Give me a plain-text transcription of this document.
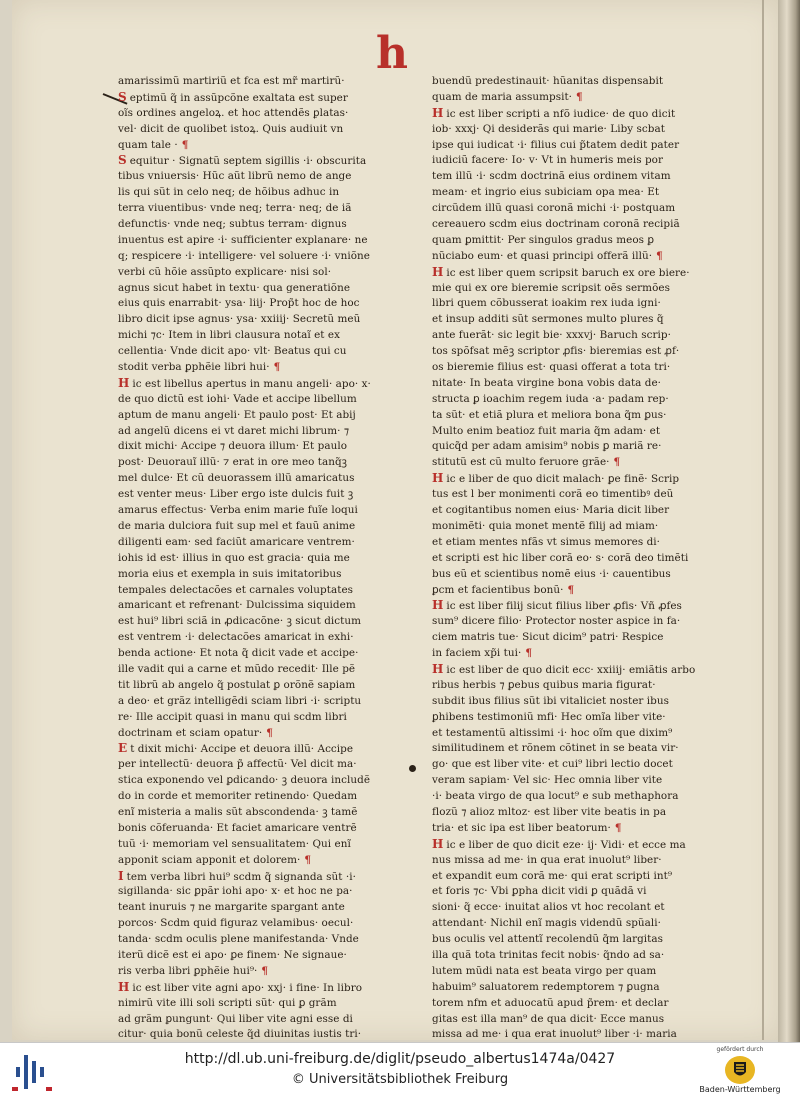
h
amarissimũ martiriũ et fca est mr̃ martirũ·
S eptimũ q̃ in assũpcõne exaltata est super
oĩs ordines angeloꝝ. et hoc attendẽs ꝑlatas·
vel· dicit de quolibet istoꝝ. Quis audiuit vn
quam tale · ¶
S equitur · Signatũ septem sigillis ·i· obscurita
tibus vniuersis· Hũc aũt librũ nemo de ange
lis qui sũt in celo neq; de hõibus adhuc in
terra viuentibus· vnde neq; terra· neq; de iã
defunctis· vnde neq; subtus terram· dignus
inuentus est apire ·i· sufficienter explanare· ne
q; respicere ·i· intelligere· vel soluere ·i· vniõne
verbi cũ hõie assũpto explicare· nisi sol·
agnus sicut habet in textu· qua generatiõne
eius quis enarrabit· ysa· liij· Prop̃t hoc de hoc
libro dicit ipse agnus· ysa· xxiiij· Secretũ meũ
michi ⁊c· Item in libri clausura notaĩ et ex
cellentia· Vnde dicit apo· vlt· Beatus qui cu
stodit verba ꝑphẽie libri hui· ¶
H ic est libellus apertus in manu angeli· apo· x·
de quo dictũ est iohi· Vade et accipe libellum
aptum de manu angeli· Et paulo post· Et abij
ad angelũ dicens ei vt daret michi librum· ⁊
dixit michi· Accipe ⁊ deuora illum· Et paulo
post· Deuorauĩ illũ· ⁊ erat in ore meo tanq̃ꝫ
mel dulce· Et cũ deuorassem illũ amaricatus
est venter meus· Liber ergo iste dulcis fuit ꝫ
amarus effectus· Verba enim marie fuĩe loqui
de maria dulciora fuit sup mel et fauũ anime
diligenti eam· sed faciũt amaricare ventrem·
iohis id est· illius in quo est gracia· quia me
moria eius et exempla in suis imitatoribus
tempales delectacões et carnales voluptates
amaricant et refrenant· Dulcissima siquidem
est hui⁹ libri sciã in ꝓdicacõne· ꝫ sicut dictum
est ventrem ·i· delectacões amaricat in exhi·
benda actione· Et nota q̃ dicit vade et accipe·
ille vadit qui a carne et mũdo recedit· Ille pẽ
tit librũ ab angelo q̃ postulat ꝑ orõnẽ sapiam
a deo· et grãz intelligẽdi sciam libri ·i· scriptu
re· Ille accipit quasi in manu qui scdm libri
doctrinam et sciam opatur· ¶
E t dixit michi· Accipe et deuora illũ· Accipe
per intellectũ· deuora p̃ affectũ· Vel dicit ma·
stica exponendo vel ꝑdicando· ꝫ deuora includẽ
do in corde et memoriter retinendo· Quedam
enĩ misteria a malis sũt abscondenda· ꝫ tamẽ
bonis cõferuanda· Et faciet amaricare ventrẽ
tuũ ·i· memoriam vel sensualitatem· Qui enĩ
apponit sciam apponit et dolorem· ¶
I tem verba libri hui⁹ scdm q̃ signanda sũt ·i·
sigillanda· sic ꝑpãr iohi apo· x· et hoc ne pa·
teant inuruis ⁊ ne margarite spargant ante
porcos· Scdm quid figuraz velamibus· oecul·
tanda· scdm oculis plene manifestanda· Vnde
iterũ dicẽ est ei apo· ꝑe finem· Ne signaue·
ris verba libri ꝑphẽie hui⁹· ¶
H ic est liber vite agni apo· xxj· i fine· In libro
nimirũ vite illi soli scripti sũt· qui ꝑ grãm
ad grãm ꝑungunt· Qui liber vite agni esse di
citur· quia bonũ celeste q̃d diuinitas iustis tri·
buendũ predestinauit· hũanitas dispensabit
quam de maria assumpsit· ¶
H ic est liber scripti a nfõ iudice· de quo dicit
iob· xxxj· Qi desiderãs qui marie· Liby scbat
ipse qui iudicat ·i· filius cui p̃tatem dedit pater
iudiciũ facere· Io· v· Vt in humeris meis por
tem illũ ·i· scdm doctrinã eius ordinem vitam
meam· et ingrio eius subiciam opa mea· Et
circũdem illũ quasi coronã michi ·i· postquam
cereauero scdm eius doctrinam coronã recipiã
quam ꝑmittit· Per singulos gradus meos ꝑ
nũciabo eum· et quasi principi offerã illũ· ¶
H ic est liber quem scripsit baruch ex ore biere·
mie qui ex ore bieremie scripsit oẽs sermões
libri quem cõbusserat ioakim rex iuda igni·
et insup additi sũt sermones multo plures q̃
ante fuerãt· sic legit bie· xxxvj· Baruch scrip·
tos spõfsat mẽꝫ scriptor ꝓfis· bieremias est ꝓf·
os bieremie filius est· quasi offerat a tota tri·
nitate· In beata virgine bona vobis data de·
structa ꝑ ioachim regem iuda ·a· padam rep·
ta sũt· et etiã plura et meliora bona q̃m ꝑus·
Multo enim beatioz fuit maria q̃m adam· et
quicq̃d per adam amisim⁹ nobis ꝑ mariã re·
stitutũ est cũ multo feruore grãe· ¶
H ic e liber de quo dicit malach· ꝑe finẽ· Scrip
tus est l ber monimenti corã eo timentibꝰ deũ
et cogitantibus nomen eius· Maria dicit liber
monimẽti· quia monet mentẽ filij ad miam·
et etiam mentes nfãs vt simus memores di·
et scripti est hic liber corã eo· s· corã deo timẽti
bus eũ et scientibus nomẽ eius ·i· cauentibus
ꝑcm et facientibus bonũ· ¶
H ic est liber filij sicut filius liber ꝓfis· Vñ ꝓfes
sum⁹ dicere filio· Protector noster aspice in fa·
ciem matris tue· Sicut dicim⁹ patri· Respice
in faciem xp̃i tui· ¶
H ic est liber de quo dicit ecc· xxiiij· emiãtis arbo
ribus herbis ⁊ ꝑebus quibus maria figurat·
subdit ibus filius sũt ibi vitaliciet noster ibus
ꝑhibens testimoniũ mfi· Hec omĩa liber vite·
et testamentũ altissimi ·i· hoc oĩm que dixim⁹
similitudinem et rõnem cõtinet in se beata vir·
go· que est liber vite· et cui⁹ libri lectio docet
veram sapiam· Vel sic· Hec omnia liber vite
·i· beata virgo de qua locut⁹ e sub methaphora
flozũ ⁊ alioz mltoz· est liber vite beatis in pa
tria· et sic ipa est liber beatorum· ¶
H ic e liber de quo dicit eze· ij· Vidi· et ecce ma
nus missa ad me· in qua erat inuolut⁹ liber·
et expandit eum corã me· qui erat scripti int⁹
et foris ⁊c· Vbi ꝑpha dicit vidi ꝑ quãdã vi
sioni· q̃ ecce· inuitat alios vt hoc recolant et
attendant· Nichil enĩ magis videndũ spũali·
bus oculis vel attentĩ recolendũ q̃m largitas
illa quã tota trinitas fecit nobis· q̃ndo ad sa·
lutem mũdi nata est beata virgo per quam
habuim⁹ saluatorem redemptorem ⁊ ꝑugna
torem nfm et aduocatũ apud p̃rem· et declar
gitas est illa man⁹ de qua dicit· Ecce manus
missa ad me· i qua erat inuolut⁹ liber ·i· maria
http://dl.ub.uni-freiburg.de/diglit/pseudo_albertus1474a/0427
© Universitätsbibliothek Freiburg
gefördert durch
Baden-Württemberg
